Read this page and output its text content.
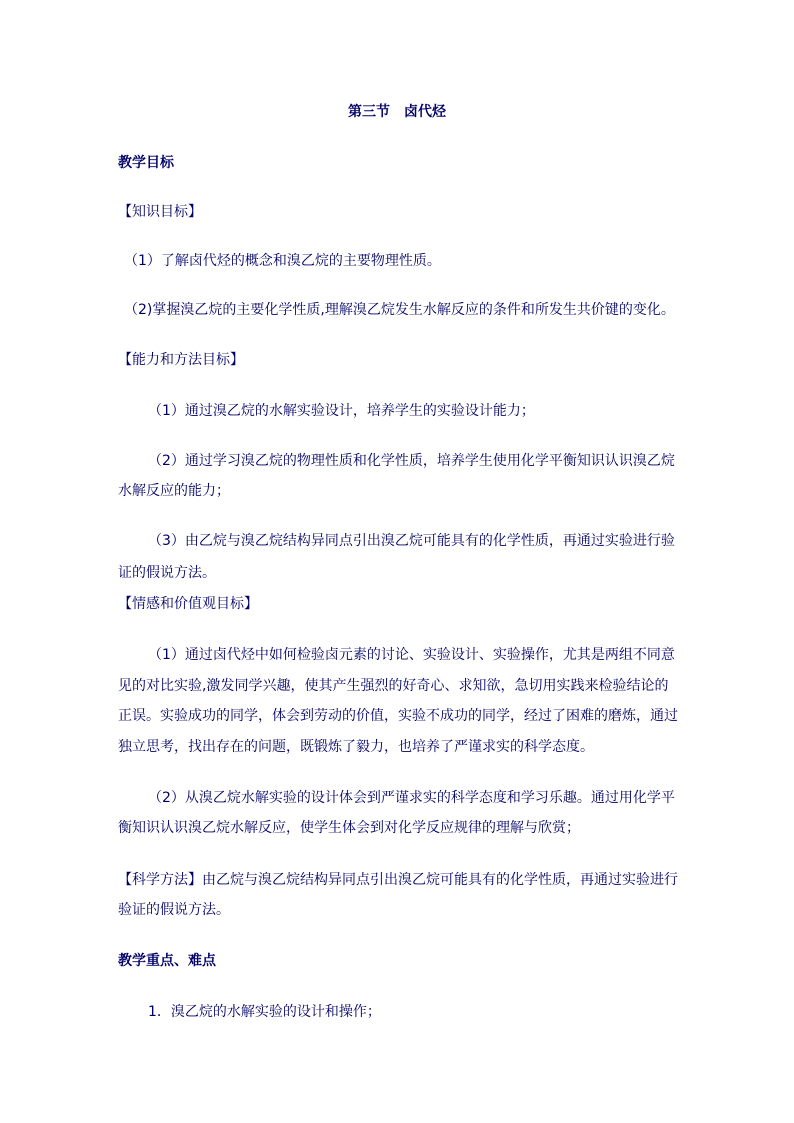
第三节　卤代烃
教学目标
【知识目标】
（1）了解卤代烃的概念和溴乙烷的主要物理性质。
（2)掌握溴乙烷的主要化学性质,理解溴乙烷发生水解反应的条件和所发生共价键的变化。
【能力和方法目标】
（1）通过溴乙烷的水解实验设计，培养学生的实验设计能力；
（2）通过学习溴乙烷的物理性质和化学性质，培养学生使用化学平衡知识认识溴乙烷
水解反应的能力；
（3）由乙烷与溴乙烷结构异同点引出溴乙烷可能具有的化学性质，再通过实验进行验
证的假说方法。
【情感和价值观目标】
（1）通过卤代烃中如何检验卤元素的讨论、实验设计、实验操作，尤其是两组不同意
见的对比实验,激发同学兴趣，使其产生强烈的好奇心、求知欲，急切用实践来检验结论的
正误。实验成功的同学，体会到劳动的价值，实验不成功的同学，经过了困难的磨炼，通过
独立思考，找出存在的问题，既锻炼了毅力，也培养了严谨求实的科学态度。
（2）从溴乙烷水解实验的设计体会到严谨求实的科学态度和学习乐趣。通过用化学平
衡知识认识溴乙烷水解反应，使学生体会到对化学反应规律的理解与欣赏；
【科学方法】由乙烷与溴乙烷结构异同点引出溴乙烷可能具有的化学性质，再通过实验进行
验证的假说方法。
教学重点、难点
1．溴乙烷的水解实验的设计和操作；
